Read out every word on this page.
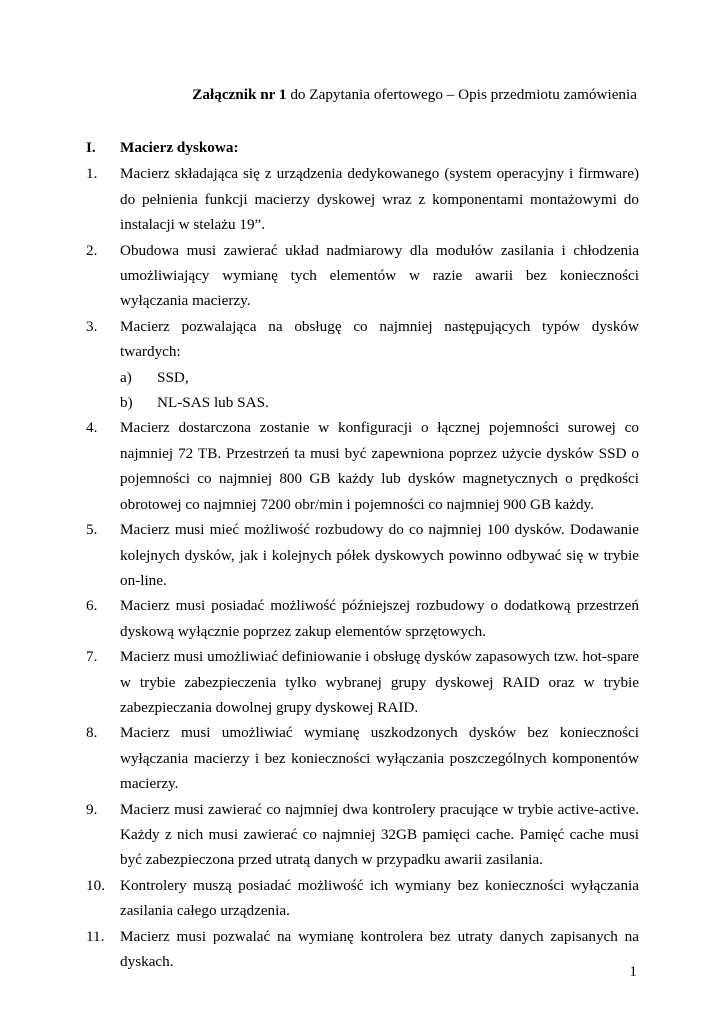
Załącznik nr 1 do Zapytania ofertowego – Opis przedmiotu zamówienia
I.	Macierz dyskowa:
1.	Macierz składająca się z urządzenia dedykowanego (system operacyjny i firmware) do pełnienia funkcji macierzy dyskowej wraz z komponentami montażowymi do instalacji w stelażu 19”.
2.	Obudowa musi zawierać układ nadmiarowy dla modułów zasilania i chłodzenia umożliwiający wymianę tych elementów w razie awarii bez konieczności wyłączania macierzy.
3.	Macierz pozwalająca na obsługę co najmniej następujących typów dysków twardych:
a)	SSD,
b)	NL-SAS lub SAS.
4.	Macierz dostarczona zostanie w konfiguracji o łącznej pojemności surowej co najmniej 72 TB. Przestrzeń ta musi być zapewniona poprzez użycie dysków SSD o pojemności co najmniej 800 GB każdy lub dysków magnetycznych o prędkości obrotowej co najmniej 7200 obr/min i pojemności co najmniej 900 GB każdy.
5.	Macierz musi mieć możliwość rozbudowy do co najmniej 100 dysków. Dodawanie kolejnych dysków, jak i kolejnych półek dyskowych powinno odbywać się w trybie on-line.
6.	Macierz musi posiadać możliwość późniejszej rozbudowy o dodatkową przestrzeń dyskową wyłącznie poprzez zakup elementów sprzętowych.
7.	Macierz musi umożliwiać definiowanie i obsługę dysków zapasowych tzw. hot-spare w trybie zabezpieczenia tylko wybranej grupy dyskowej RAID oraz w trybie zabezpieczania dowolnej grupy dyskowej RAID.
8.	Macierz musi umożliwiać wymianę uszkodzonych dysków bez konieczności wyłączania macierzy i bez konieczności wyłączania poszczególnych komponentów macierzy.
9.	Macierz musi zawierać co najmniej dwa kontrolery pracujące w trybie active-active. Każdy z nich musi zawierać co najmniej 32GB pamięci cache. Pamięć cache musi być zabezpieczona przed utratą danych w przypadku awarii zasilania.
10. Kontrolery muszą posiadać możliwość ich wymiany bez konieczności wyłączania zasilania całego urządzenia.
11.	Macierz musi pozwalać na wymianę kontrolera bez utraty danych zapisanych na dyskach.
1
